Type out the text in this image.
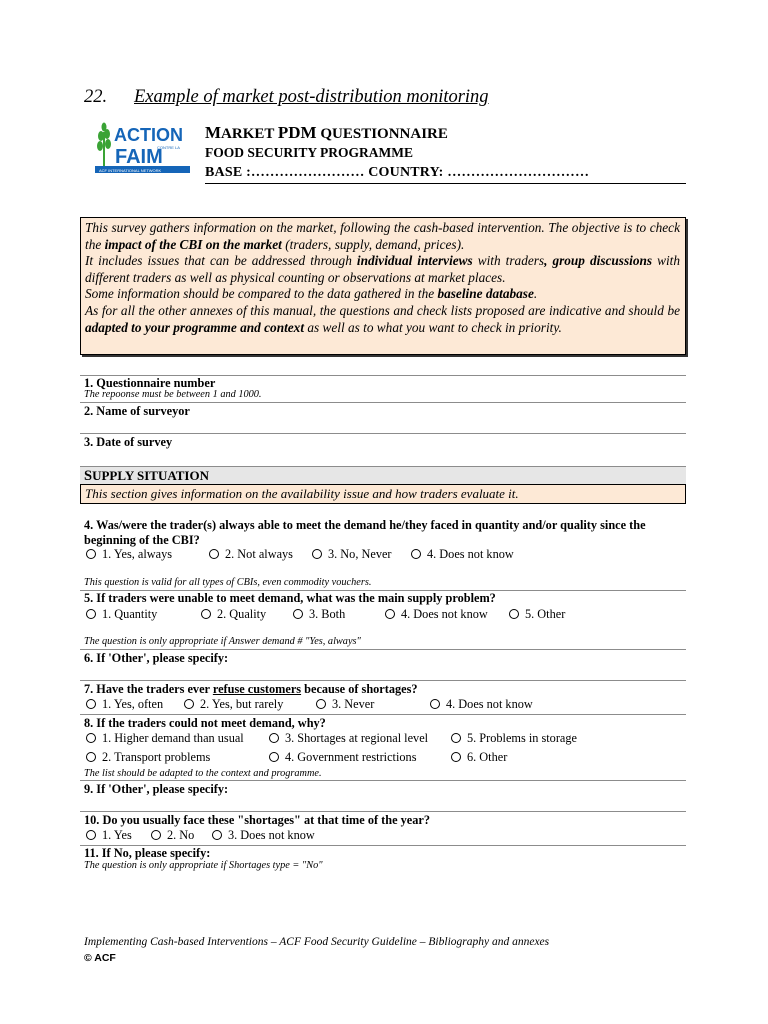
22. Example of market post-distribution monitoring
ACTION
CONTRE LA
FAIM
ACF INTERNATIONAL NETWORK
MARKET PDM QUESTIONNAIRE
FOOD SECURITY PROGRAMME
BASE :…………………… COUNTRY: …………………………

This survey gathers information on the market, following the cash-based intervention. The objective is to check the impact of the CBI on the market (traders, supply, demand, prices).

It includes issues that can be addressed through individual interviews with traders, group discussions with different traders as well as physical counting or observations at market places.

Some information should be compared to the data gathered in the baseline database.

As for all the other annexes of this manual, the questions and check lists proposed are indicative and should be adapted to your programme and context as well as to what you want to check in priority.

1. Questionnaire number
The repoonse must be between 1 and 1000.
2. Name of surveyor
3. Date of survey
SUPPLY SITUATION
This section gives information on the availability issue and how traders evaluate it.
4. Was/were the trader(s) always able to meet the demand he/they faced in quantity and/or quality since the beginning of the CBI?
1. Yes, always	2. Not always	3. No, Never	4. Does not know
This question is valid for all types of CBIs, even commodity vouchers.
5. If traders were unable to meet demand, what was the main supply problem?
1. Quantity	2. Quality	3. Both	4. Does not know	5. Other
The question is only appropriate if Answer demand # "Yes, always"
6. If 'Other', please specify:
7. Have the traders ever refuse customers because of shortages?
1. Yes, often	2. Yes, but rarely	3. Never	4. Does not know
8. If the traders could not meet demand, why?
1. Higher demand than usual	3. Shortages at regional level	5. Problems in storage
2. Transport problems	4. Government restrictions	6. Other
The list should be adapted to the context and programme.
9. If 'Other', please specify:
10. Do you usually face these "shortages" at that time of the year?
1. Yes	2. No	3. Does not know
11. If No, please specify:
The question is only appropriate if Shortages type = "No"
Implementing Cash-based Interventions – ACF Food Security Guideline – Bibliography and annexes
© ACF
